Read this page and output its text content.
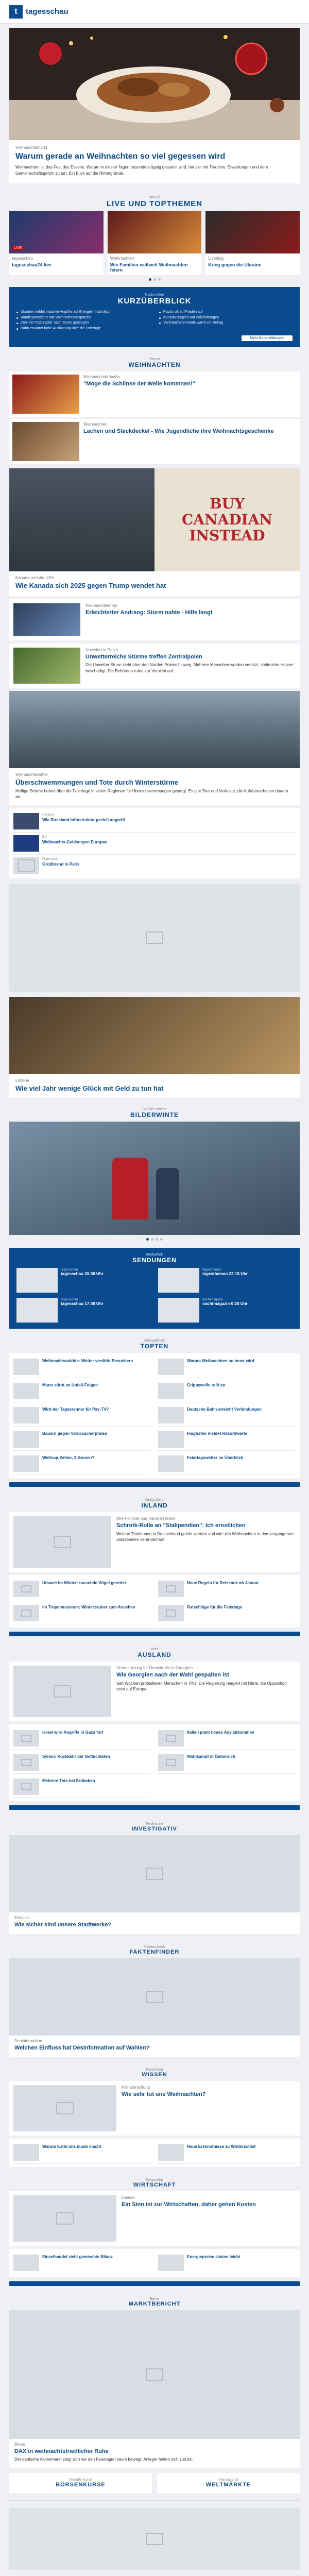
t	tagesschau
Weihnachtsmarkt
Warum gerade an Weihnachten so viel gegessen wird
Weihnachten ist das Fest des Essens. Warum in diesen Tagen besonders üppig gespeist wird, hat viel mit Tradition, Erwartungen und dem Gemeinschaftsgefühl zu tun. Ein Blick auf die Hintergründe.
Aktuell
LIVE UND TOPTHEMEN
LIVE
tagesschau
tagesschau24 live
Weihnachten
Wie Familien weltweit Weihnachten feiern
Liveblog
Krieg gegen die Ukraine
Nachrichten
KURZÜBERBLICK
Ukraine meldet massive Angriffe auf Energieinfrastruktur
Bundespräsident hält Weihnachtsansprache
Zahl der Todesopfer nach Sturm gestiegen
Bahn erwartet hohe Auslastung über die Feiertage
Papst ruft zu Frieden auf
Kanada reagiert auf Zolldrohungen
Verbraucherzentrale warnt vor Betrug
Mehr Kurzmeldungen
Thema
WEIHNACHTEN
Weihnachtsbräuche
"Möge die Schlinse der Welle kommnen!"
Weihnachten
Lachen und Steckdeckel - Wie Jugendliche ihre Weihnachtsgeschenke
BUY CANADIAN INSTEAD
Kanada und die USA
Wie Kanada sich 2025 gegen Trump wendet hat
Weihnachtsferien
Erleichterter Andrang: Sturm nahte - Hilfe langt
Unwetter in Polen
Unwetterreiche Stürme treffen Zentralpolen
Die Unwetter Sturm zieht über den Norden Polens hinweg. Mehrere Menschen wurden verletzt, zahlreiche Häuser beschädigt. Die Behörden rufen zur Vorsicht auf.
Weihnachtswetter
Überschwemmungen und Tote durch Winterstürme
Heftige Stürme haben über die Feiertage in vielen Regionen für Überschwemmungen gesorgt. Es gibt Tote und Verletzte, die Aufräumarbeiten dauern an.
Ukraine
Wie Russland Infrastruktur gezielt angreift
EU
Weihnachts-Geldsorgen Europas
Frankreich
Großbrand in Paris
Lotterie
Wie viel Jahr wenige Glück mit Geld zu tun hat
Bild der Woche
BILDERWINTE
Mediathek
SENDUNGEN
tagesschau
tagesschau 20:00 Uhr
tagesthemen
tagesthemen 22:15 Uhr
tagesschau
tagesschau 17:00 Uhr
nachtmagazin
nachtmagazin 0:20 Uhr
Meistgeklickt
TOPTEN
Weihnachtsmärkte: Wetter verdirbt Besuchern	Warum Weihnachten so teuer wird
Mann stirbt an Unfall-Folgen	Grippewelle rollt an
Wird der Tagesrenner für Pay-TV?	Deutsche Bahn streicht Verbindungen
Bauern gegen Verbraucherpreise	Flughafen meldet Rekordwerte
Weltcup-Zeiten, 3 Szenen?	Feiertagswetter im Überblick
Deutschland
INLAND
Wie Politiker und Familien feiern
Schrotk-Rolle an "Stalipendien": Ich ernstlichen
Welche Traditionen in Deutschland gelebt werden und wie sich Weihnachten in den vergangenen Jahrzehnten verändert hat.
Umwelt im Winter: tausende Vögel gerettet	Neue Regeln für Reisende ab Januar
Im Tropenmuseum: Winterzauber zum Ansehen	Ratschläge für die Feiertage
Welt
AUSLAND
Unterstützung für Demokratie in Georgien
Wie Georgien nach der Wahl gespalten ist
Seit Wochen protestieren Menschen in Tiflis. Die Regierung reagiert mit Härte, die Opposition setzt auf Europa.
Israel wird Angriffe in Gaza fort	Italien plant neues Asylabkommen
Syrien: Rückkehr der Geflüchteten	Wahlkampf in Österreich
Mehrere Tote bei Erdbeben
Recherche
INVESTIGATIV
Exklusiv
Wie sicher sind unsere Stadtwerke?
Faktencheck
FAKTENFINDER
Desinformation
Welchen Einfluss hat Desinformation auf Wahlen?
Forschung
WISSEN
Klimaforschung
Wie sehr tut uns Weihnachten?
Warum Kälte uns müde macht	Neue Erkenntnisse zu Winterschlaf
Konjunktur
WIRTSCHAFT
Handel
Ein Sinn ist zur Wirtschaften, daher gehen Kosten
Einzelhandel zieht gemischte Bilanz	Energiepreise sinken leicht
Börse
MARKTBERICHT
Börse
DAX in weihnachtsfriedlicher Ruhe
Der deutsche Aktienmarkt zeigt sich vor den Feiertagen kaum bewegt. Anleger halten sich zurück.
Aktuelle Kurse
BÖRSENKURSE
International
WELTMÄRKTE
